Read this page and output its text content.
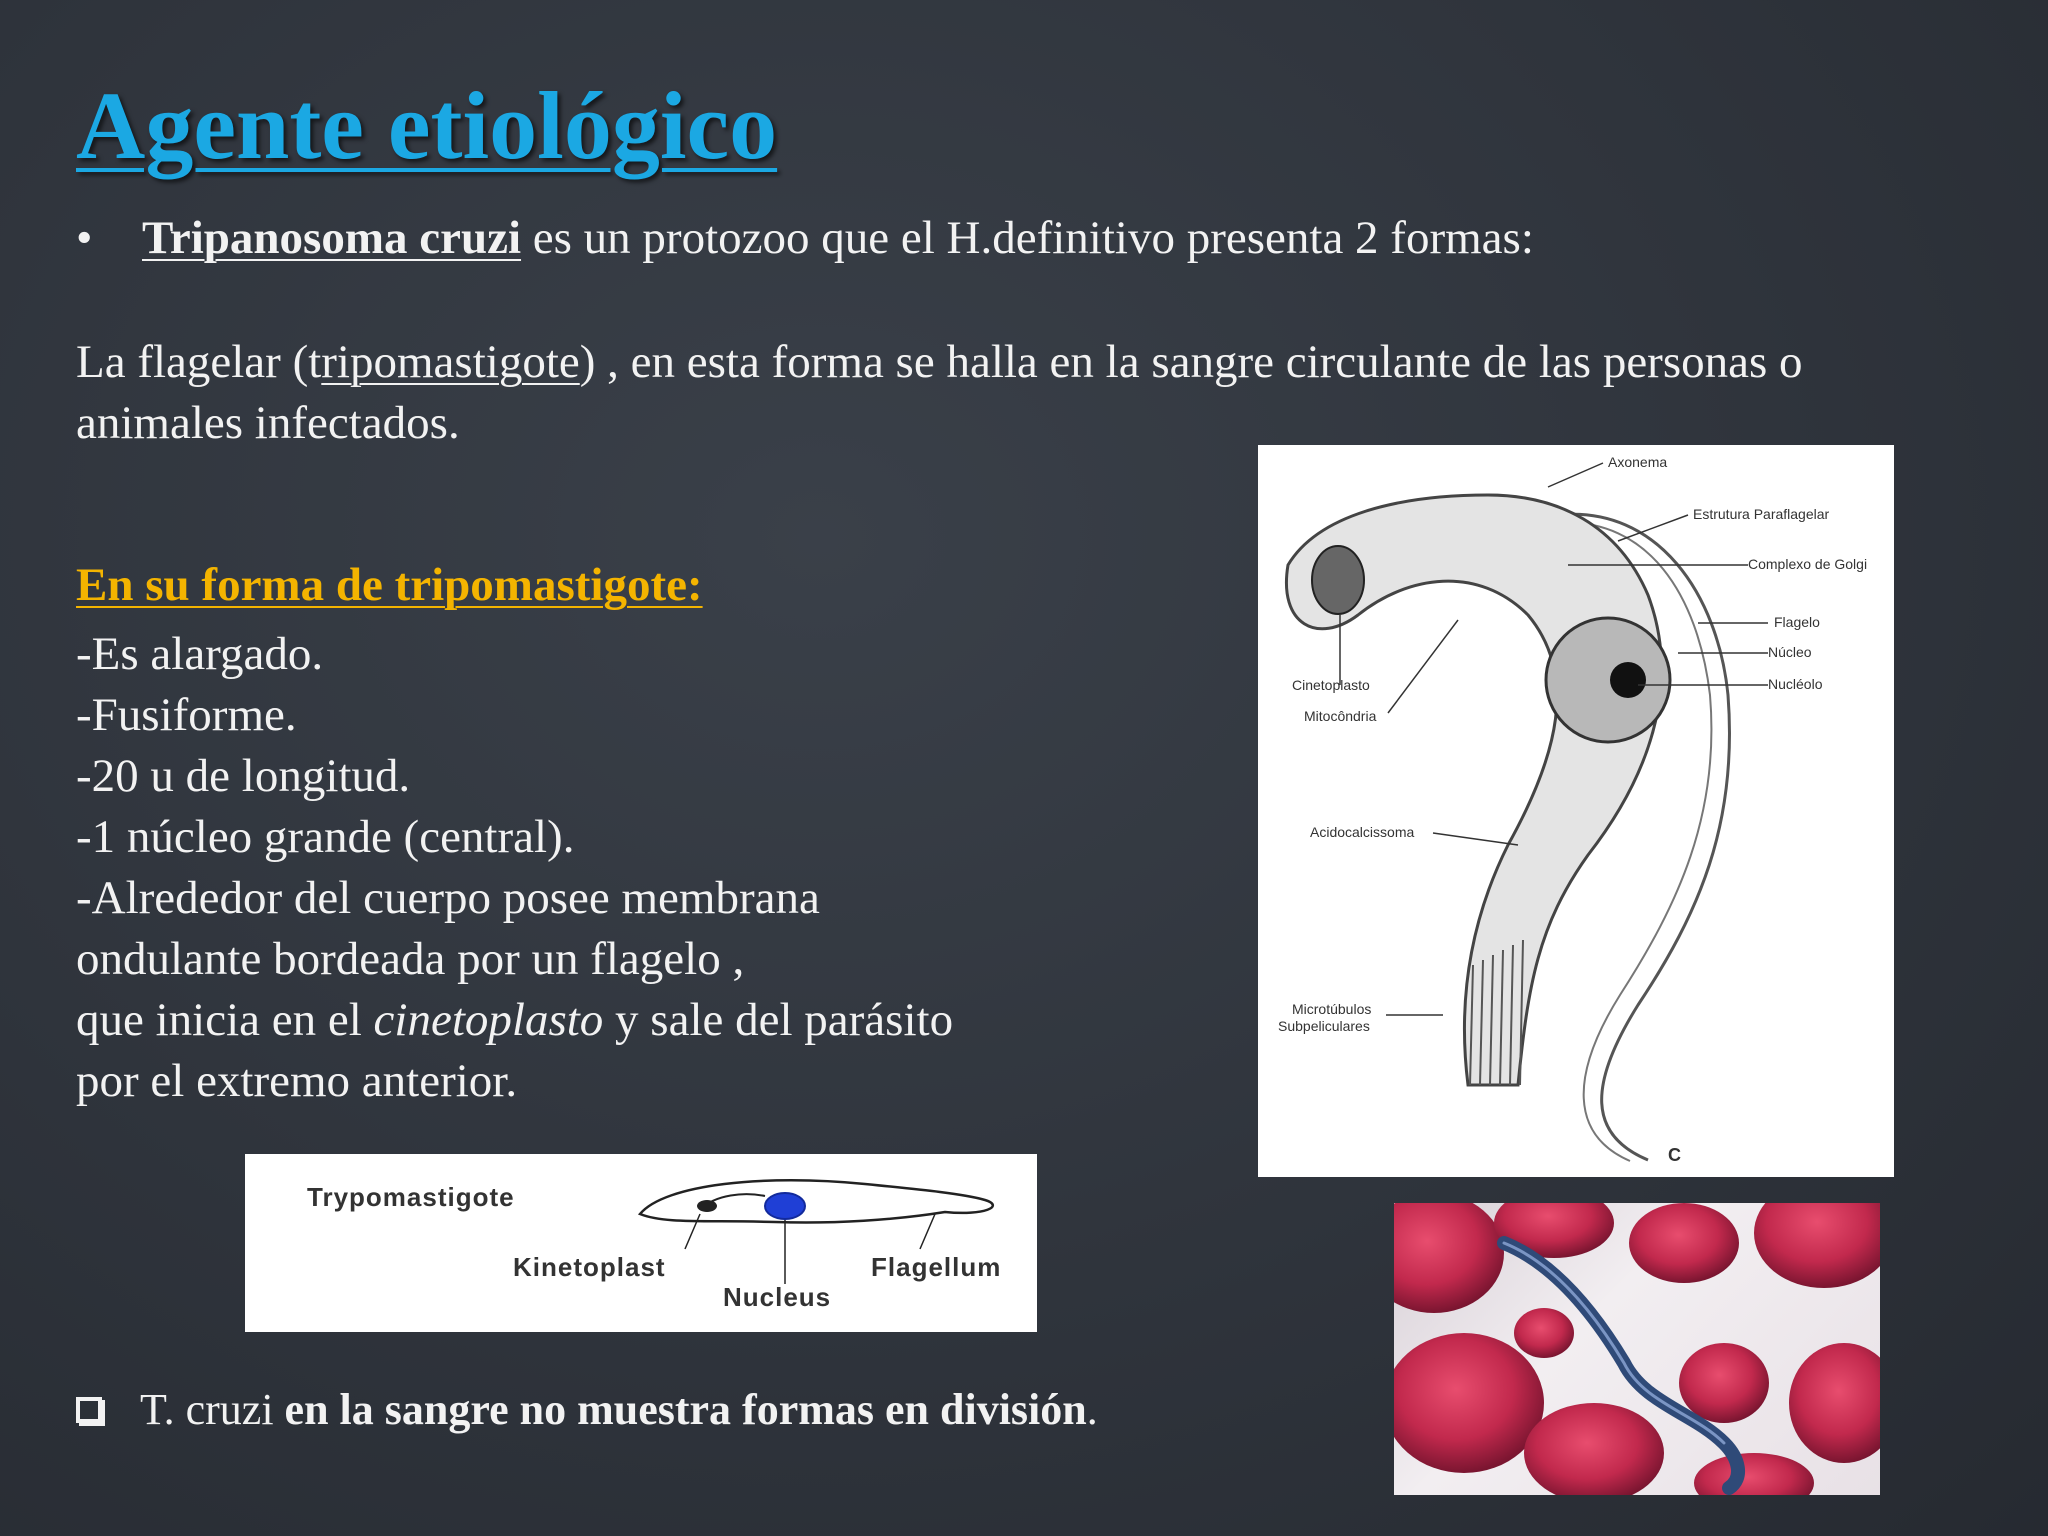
Agente etiológico
• Tripanosoma cruzi es un protozoo que el H.definitivo presenta 2 formas:
La flagelar (tripomastigote) , en esta forma se halla en la sangre circulante de las personas o animales infectados.
En su forma de tripomastigote:
-Es alargado.
-Fusiforme.
-20 u de longitud.
-1 núcleo grande (central).
-Alrededor del cuerpo posee membrana
ondulante bordeada por un flagelo ,
que inicia en el cinetoplasto y sale del parásito
por el extremo anterior.
Axonema
Estrutura Paraflagelar
Complexo de Golgi
Flagelo
Núcleo
Nucléolo
Cinetoplasto
Mitocôndria
Acidocalcissoma
Microtúbulos
Subpeliculares
C
Trypomastigote
Kinetoplast
Nucleus
Flagellum
T. cruzi en la sangre no muestra formas en división.
